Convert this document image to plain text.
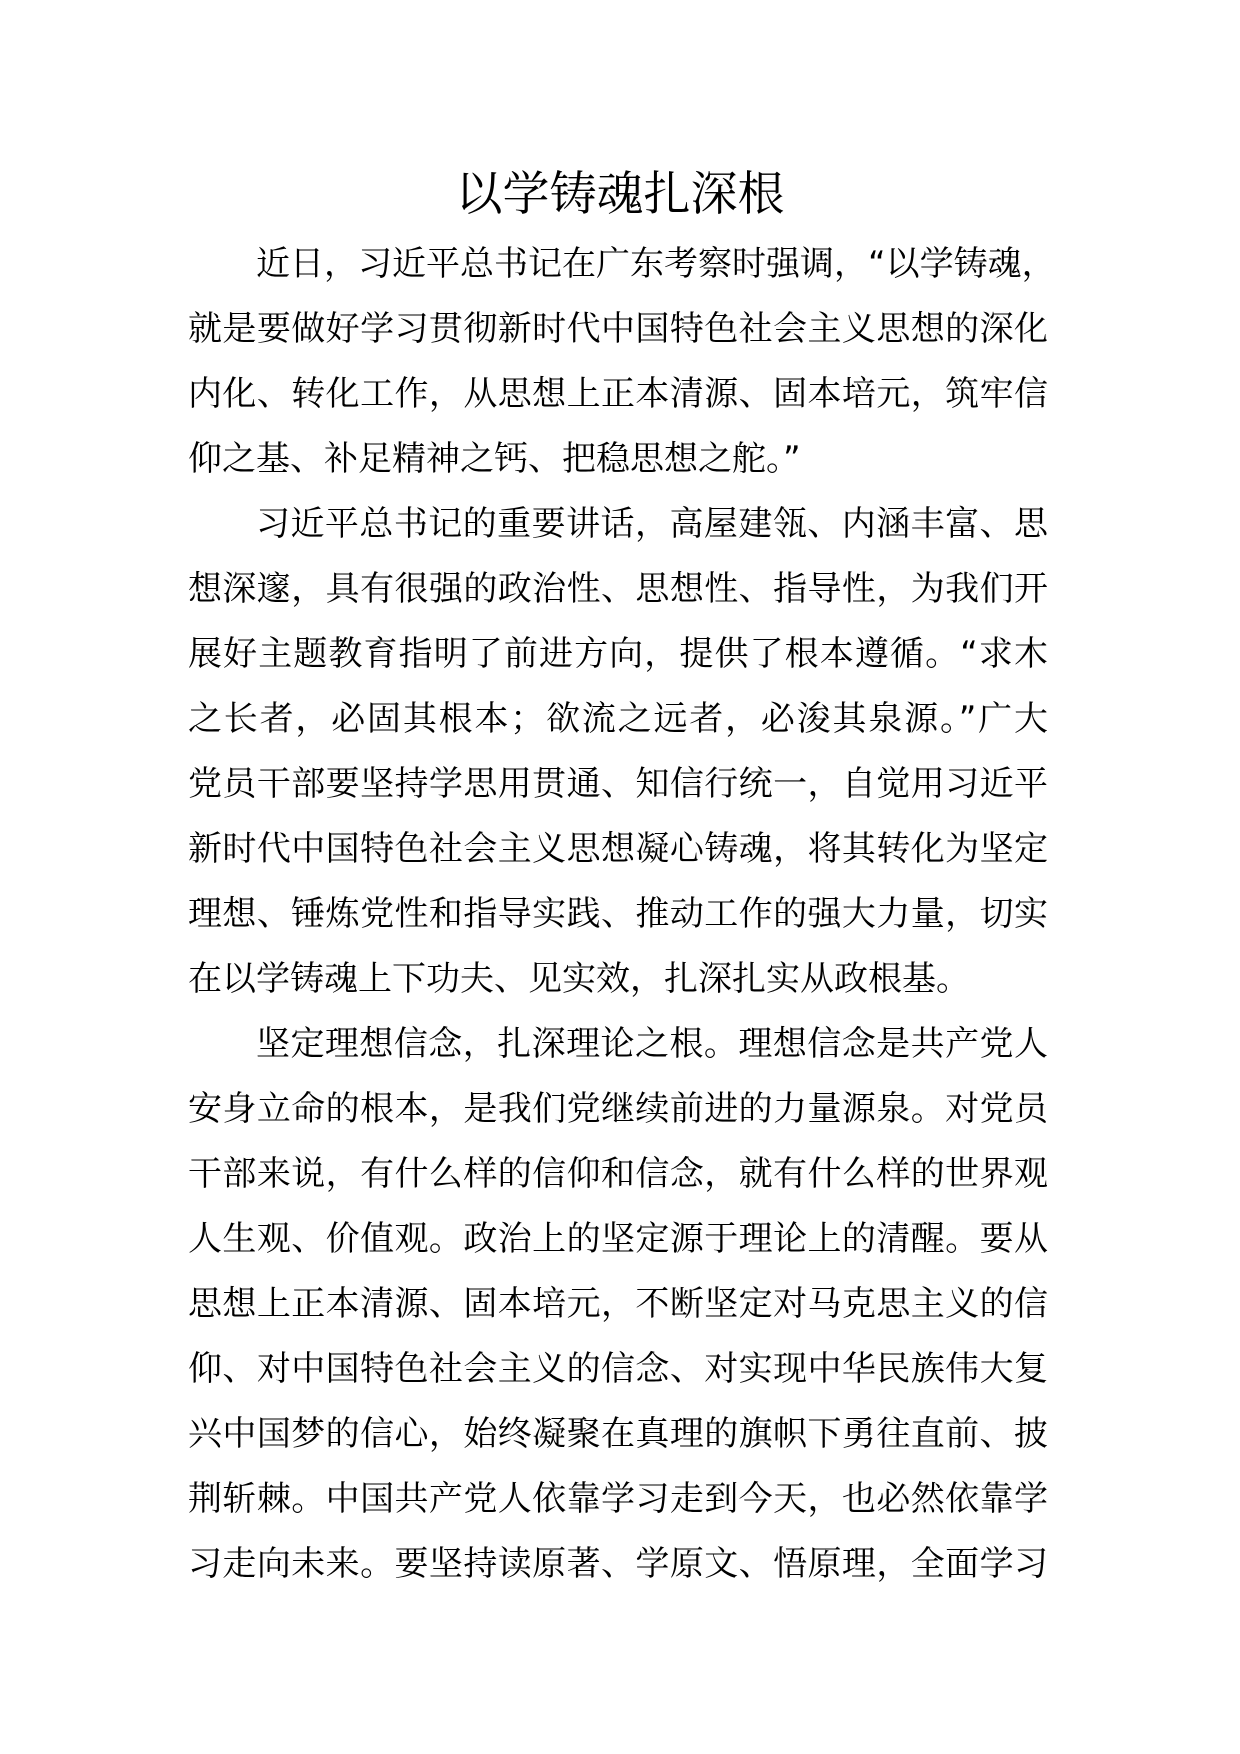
以学铸魂扎深根
近日，习近平总书记在广东考察时强调，“以学铸魂，
就是要做好学习贯彻新时代中国特色社会主义思想的深化
内化、转化工作，从思想上正本清源、固本培元，筑牢信
仰之基、补足精神之钙、把稳思想之舵。”
习近平总书记的重要讲话，高屋建瓴、内涵丰富、思
想深邃，具有很强的政治性、思想性、指导性，为我们开
展好主题教育指明了前进方向，提供了根本遵循。“求木
之长者，必固其根本；欲流之远者，必浚其泉源。”广大
党员干部要坚持学思用贯通、知信行统一，自觉用习近平
新时代中国特色社会主义思想凝心铸魂，将其转化为坚定
理想、锤炼党性和指导实践、推动工作的强大力量，切实
在以学铸魂上下功夫、见实效，扎深扎实从政根基。
坚定理想信念，扎深理论之根。理想信念是共产党人
安身立命的根本，是我们党继续前进的力量源泉。对党员
干部来说，有什么样的信仰和信念，就有什么样的世界观
人生观、价值观。政治上的坚定源于理论上的清醒。要从
思想上正本清源、固本培元，不断坚定对马克思主义的信
仰、对中国特色社会主义的信念、对实现中华民族伟大复
兴中国梦的信心，始终凝聚在真理的旗帜下勇往直前、披
荆斩棘。中国共产党人依靠学习走到今天，也必然依靠学
习走向未来。要坚持读原著、学原文、悟原理，全面学习
